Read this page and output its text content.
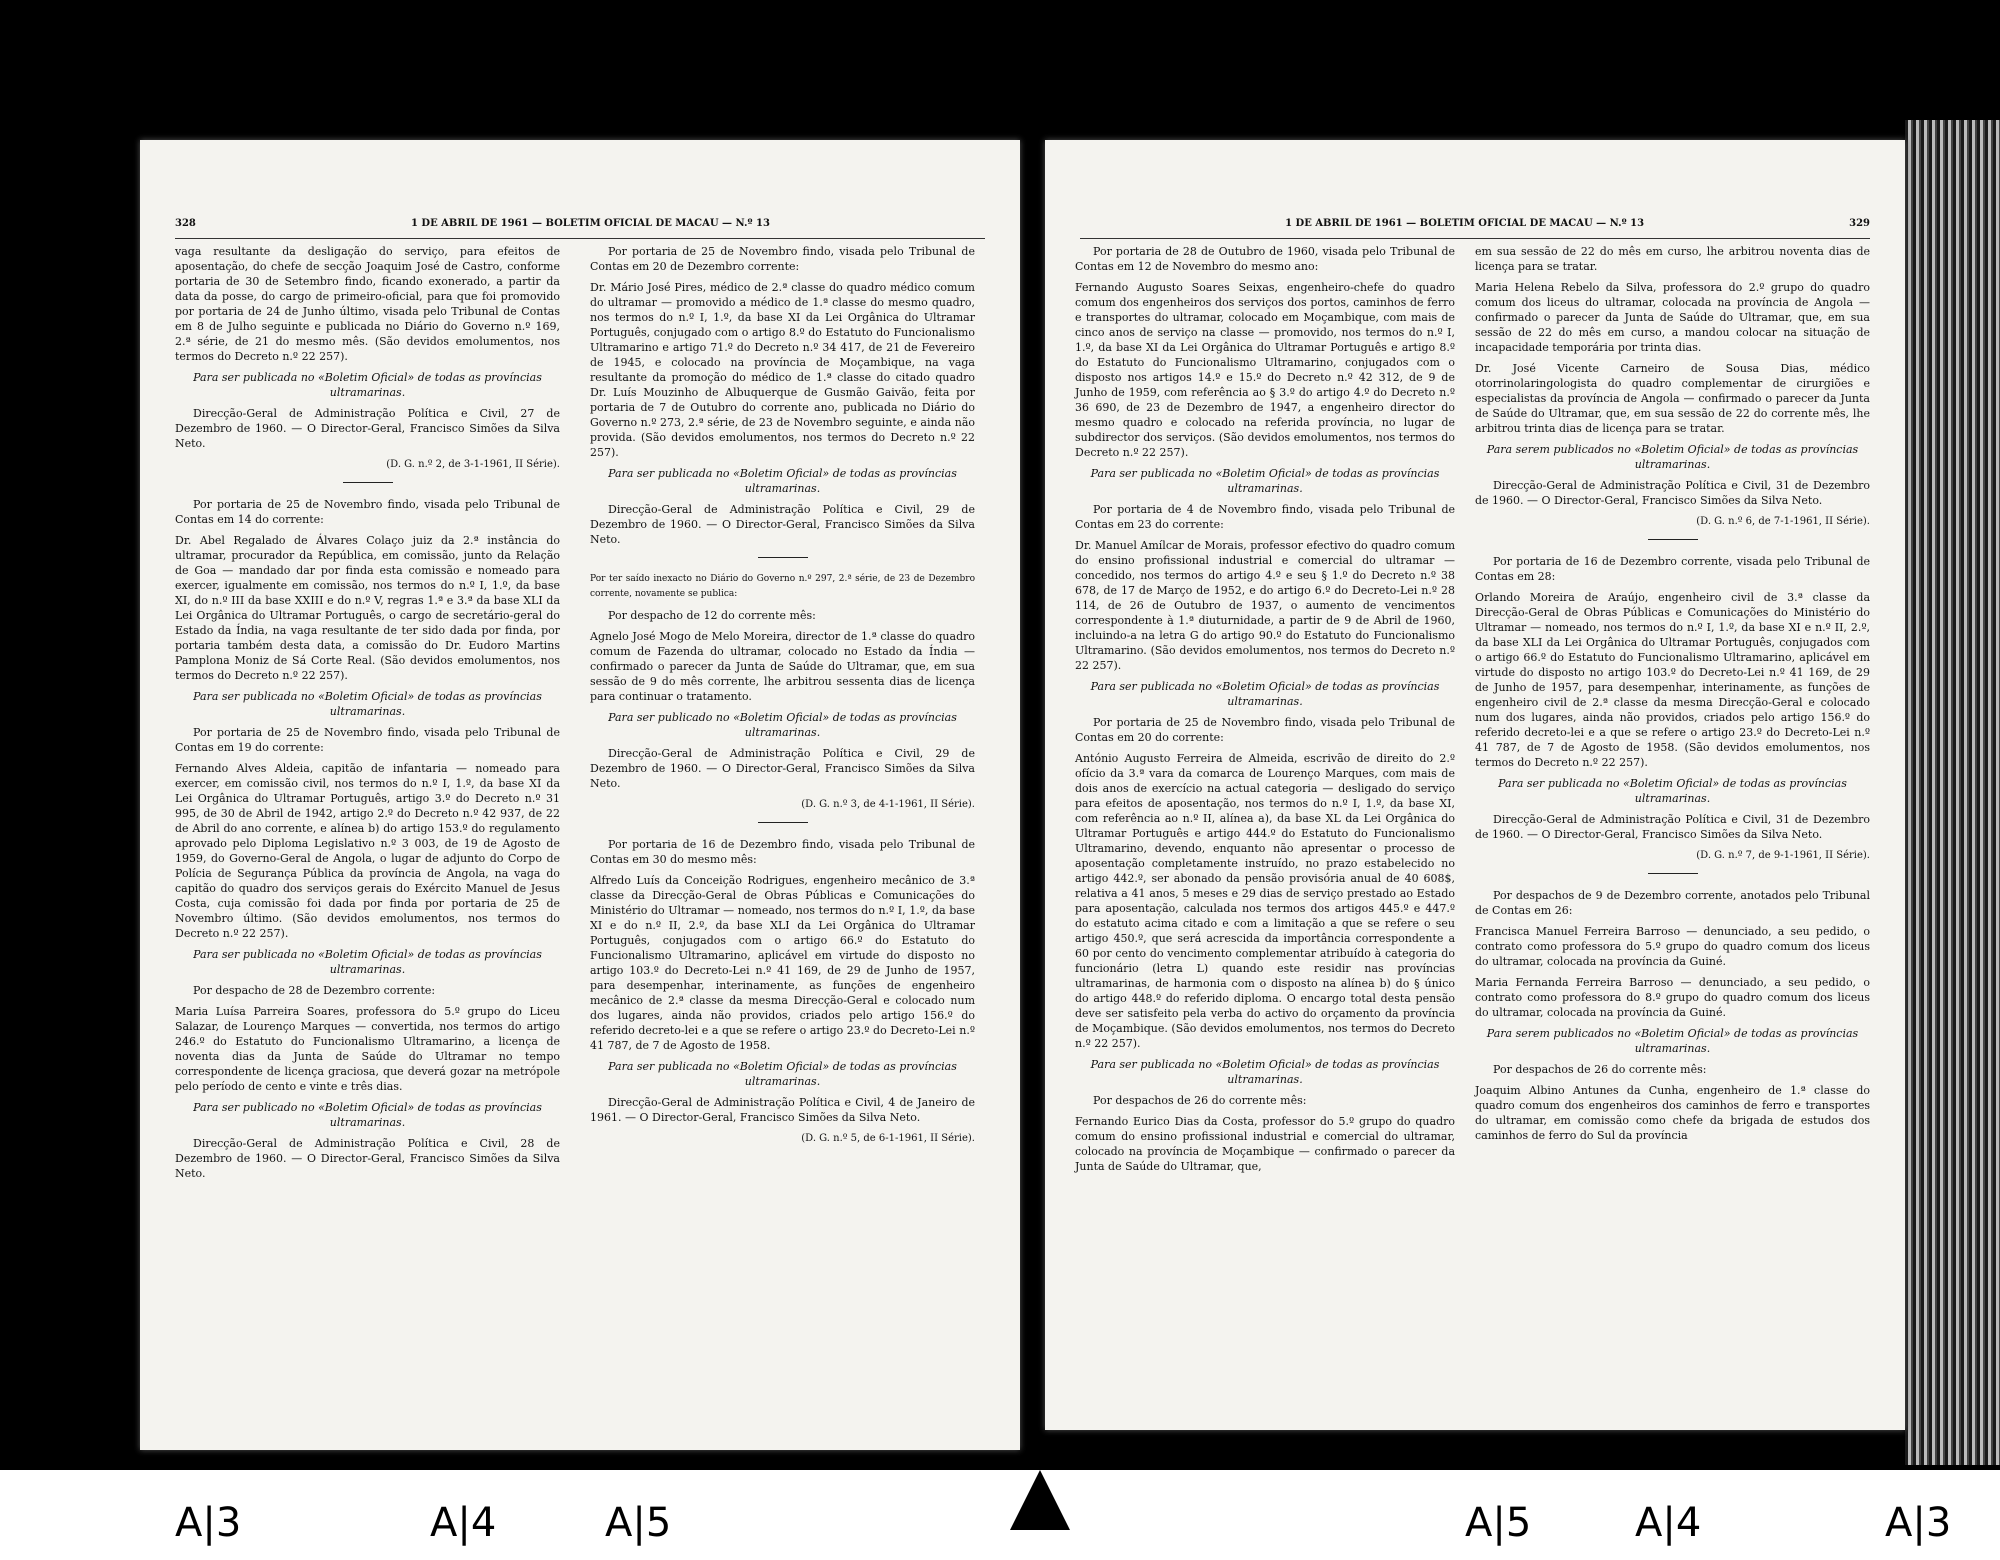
328	1 DE ABRIL DE 1961 — BOLETIM OFICIAL DE MACAU — N.º 13

vaga resultante da desligação do serviço, para efeitos de aposentação, do chefe de secção Joaquim José de Castro, conforme portaria de 30 de Setembro findo, ficando exonerado, a partir da data da posse, do cargo de primeiro-oficial, para que foi promovido por portaria de 24 de Junho último, visada pelo Tribunal de Contas em 8 de Julho seguinte e publicada no Diário do Governo n.º 169, 2.ª série, de 21 do mesmo mês. (São devidos emolumentos, nos termos do Decreto n.º 22 257).

Para ser publicada no «Boletim Oficial» de todas as províncias ultramarinas.

Direcção-Geral de Administração Política e Civil, 27 de Dezembro de 1960. — O Director-Geral, Francisco Simões da Silva Neto.

(D. G. n.º 2, de 3-1-1961, II Série).

Por portaria de 25 de Novembro findo, visada pelo Tribunal de Contas em 14 do corrente:

Dr. Abel Regalado de Álvares Colaço juiz da 2.ª instância do ultramar, procurador da República, em comissão, junto da Relação de Goa — mandado dar por finda esta comissão e nomeado para exercer, igualmente em comissão, nos termos do n.º I, 1.º, da base XI, do n.º III da base XXIII e do n.º V, regras 1.ª e 3.ª da base XLI da Lei Orgânica do Ultramar Português, o cargo de secretário-geral do Estado da Índia, na vaga resultante de ter sido dada por finda, por portaria também desta data, a comissão do Dr. Eudoro Martins Pamplona Moniz de Sá Corte Real. (São devidos emolumentos, nos termos do Decreto n.º 22 257).

Para ser publicada no «Boletim Oficial» de todas as províncias ultramarinas.

Por portaria de 25 de Novembro findo, visada pelo Tribunal de Contas em 19 do corrente:

Fernando Alves Aldeia, capitão de infantaria — nomeado para exercer, em comissão civil, nos termos do n.º I, 1.º, da base XI da Lei Orgânica do Ultramar Português, artigo 3.º do Decreto n.º 31 995, de 30 de Abril de 1942, artigo 2.º do Decreto n.º 42 937, de 22 de Abril do ano corrente, e alínea b) do artigo 153.º do regulamento aprovado pelo Diploma Legislativo n.º 3 003, de 19 de Agosto de 1959, do Governo-Geral de Angola, o lugar de adjunto do Corpo de Polícia de Segurança Pública da província de Angola, na vaga do capitão do quadro dos serviços gerais do Exército Manuel de Jesus Costa, cuja comissão foi dada por finda por portaria de 25 de Novembro último. (São devidos emolumentos, nos termos do Decreto n.º 22 257).

Para ser publicada no «Boletim Oficial» de todas as províncias ultramarinas.

Por despacho de 28 de Dezembro corrente:

Maria Luísa Parreira Soares, professora do 5.º grupo do Liceu Salazar, de Lourenço Marques — convertida, nos termos do artigo 246.º do Estatuto do Funcionalismo Ultramarino, a licença de noventa dias da Junta de Saúde do Ultramar no tempo correspondente de licença graciosa, que deverá gozar na metrópole pelo período de cento e vinte e três dias.

Para ser publicado no «Boletim Oficial» de todas as províncias ultramarinas.

Direcção-Geral de Administração Política e Civil, 28 de Dezembro de 1960. — O Director-Geral, Francisco Simões da Silva Neto.

Por portaria de 25 de Novembro findo, visada pelo Tribunal de Contas em 20 de Dezembro corrente:

Dr. Mário José Pires, médico de 2.ª classe do quadro médico comum do ultramar — promovido a médico de 1.ª classe do mesmo quadro, nos termos do n.º I, 1.º, da base XI da Lei Orgânica do Ultramar Português, conjugado com o artigo 8.º do Estatuto do Funcionalismo Ultramarino e artigo 71.º do Decreto n.º 34 417, de 21 de Fevereiro de 1945, e colocado na província de Moçambique, na vaga resultante da promoção do médico de 1.ª classe do citado quadro Dr. Luís Mouzinho de Albuquerque de Gusmão Gaivão, feita por portaria de 7 de Outubro do corrente ano, publicada no Diário do Governo n.º 273, 2.ª série, de 23 de Novembro seguinte, e ainda não provida. (São devidos emolumentos, nos termos do Decreto n.º 22 257).

Para ser publicada no «Boletim Oficial» de todas as províncias ultramarinas.

Direcção-Geral de Administração Política e Civil, 29 de Dezembro de 1960. — O Director-Geral, Francisco Simões da Silva Neto.

Por ter saído inexacto no Diário do Governo n.º 297, 2.ª série, de 23 de Dezembro corrente, novamente se publica:

Por despacho de 12 do corrente mês:

Agnelo José Mogo de Melo Moreira, director de 1.ª classe do quadro comum de Fazenda do ultramar, colocado no Estado da Índia — confirmado o parecer da Junta de Saúde do Ultramar, que, em sua sessão de 9 do mês corrente, lhe arbitrou sessenta dias de licença para continuar o tratamento.

Para ser publicado no «Boletim Oficial» de todas as províncias ultramarinas.

Direcção-Geral de Administração Política e Civil, 29 de Dezembro de 1960. — O Director-Geral, Francisco Simões da Silva Neto.

(D. G. n.º 3, de 4-1-1961, II Série).

Por portaria de 16 de Dezembro findo, visada pelo Tribunal de Contas em 30 do mesmo mês:

Alfredo Luís da Conceição Rodrigues, engenheiro mecânico de 3.ª classe da Direcção-Geral de Obras Públicas e Comunicações do Ministério do Ultramar — nomeado, nos termos do n.º I, 1.º, da base XI e do n.º II, 2.º, da base XLI da Lei Orgânica do Ultramar Português, conjugados com o artigo 66.º do Estatuto do Funcionalismo Ultramarino, aplicável em virtude do disposto no artigo 103.º do Decreto-Lei n.º 41 169, de 29 de Junho de 1957, para desempenhar, interinamente, as funções de engenheiro mecânico de 2.ª classe da mesma Direcção-Geral e colocado num dos lugares, ainda não providos, criados pelo artigo 156.º do referido decreto-lei e a que se refere o artigo 23.º do Decreto-Lei n.º 41 787, de 7 de Agosto de 1958.

Para ser publicada no «Boletim Oficial» de todas as províncias ultramarinas.

Direcção-Geral de Administração Política e Civil, 4 de Janeiro de 1961. — O Director-Geral, Francisco Simões da Silva Neto.

(D. G. n.º 5, de 6-1-1961, II Série).

1 DE ABRIL DE 1961 — BOLETIM OFICIAL DE MACAU — N.º 13	329

Por portaria de 28 de Outubro de 1960, visada pelo Tribunal de Contas em 12 de Novembro do mesmo ano:

Fernando Augusto Soares Seixas, engenheiro-chefe do quadro comum dos engenheiros dos serviços dos portos, caminhos de ferro e transportes do ultramar, colocado em Moçambique, com mais de cinco anos de serviço na classe — promovido, nos termos do n.º I, 1.º, da base XI da Lei Orgânica do Ultramar Português e artigo 8.º do Estatuto do Funcionalismo Ultramarino, conjugados com o disposto nos artigos 14.º e 15.º do Decreto n.º 42 312, de 9 de Junho de 1959, com referência ao § 3.º do artigo 4.º do Decreto n.º 36 690, de 23 de Dezembro de 1947, a engenheiro director do mesmo quadro e colocado na referida província, no lugar de subdirector dos serviços. (São devidos emolumentos, nos termos do Decreto n.º 22 257).

Para ser publicada no «Boletim Oficial» de todas as províncias ultramarinas.

Por portaria de 4 de Novembro findo, visada pelo Tribunal de Contas em 23 do corrente:

Dr. Manuel Amílcar de Morais, professor efectivo do quadro comum do ensino profissional industrial e comercial do ultramar — concedido, nos termos do artigo 4.º e seu § 1.º do Decreto n.º 38 678, de 17 de Março de 1952, e do artigo 6.º do Decreto-Lei n.º 28 114, de 26 de Outubro de 1937, o aumento de vencimentos correspondente à 1.ª diuturnidade, a partir de 9 de Abril de 1960, incluindo-a na letra G do artigo 90.º do Estatuto do Funcionalismo Ultramarino. (São devidos emolumentos, nos termos do Decreto n.º 22 257).

Para ser publicada no «Boletim Oficial» de todas as províncias ultramarinas.

Por portaria de 25 de Novembro findo, visada pelo Tribunal de Contas em 20 do corrente:

António Augusto Ferreira de Almeida, escrivão de direito do 2.º ofício da 3.ª vara da comarca de Lourenço Marques, com mais de dois anos de exercício na actual categoria — desligado do serviço para efeitos de aposentação, nos termos do n.º I, 1.º, da base XI, com referência ao n.º II, alínea a), da base XL da Lei Orgânica do Ultramar Português e artigo 444.º do Estatuto do Funcionalismo Ultramarino, devendo, enquanto não apresentar o processo de aposentação completamente instruído, no prazo estabelecido no artigo 442.º, ser abonado da pensão provisória anual de 40 608$, relativa a 41 anos, 5 meses e 29 dias de serviço prestado ao Estado para aposentação, calculada nos termos dos artigos 445.º e 447.º do estatuto acima citado e com a limitação a que se refere o seu artigo 450.º, que será acrescida da importância correspondente a 60 por cento do vencimento complementar atribuído à categoria do funcionário (letra L) quando este residir nas províncias ultramarinas, de harmonia com o disposto na alínea b) do § único do artigo 448.º do referido diploma. O encargo total desta pensão deve ser satisfeito pela verba do activo do orçamento da província de Moçambique. (São devidos emolumentos, nos termos do Decreto n.º 22 257).

Para ser publicada no «Boletim Oficial» de todas as províncias ultramarinas.

Por despachos de 26 do corrente mês:

Fernando Eurico Dias da Costa, professor do 5.º grupo do quadro comum do ensino profissional industrial e comercial do ultramar, colocado na província de Moçambique — confirmado o parecer da Junta de Saúde do Ultramar, que,

em sua sessão de 22 do mês em curso, lhe arbitrou noventa dias de licença para se tratar.

Maria Helena Rebelo da Silva, professora do 2.º grupo do quadro comum dos liceus do ultramar, colocada na província de Angola — confirmado o parecer da Junta de Saúde do Ultramar, que, em sua sessão de 22 do mês em curso, a mandou colocar na situação de incapacidade temporária por trinta dias.

Dr. José Vicente Carneiro de Sousa Dias, médico otorrinolaringologista do quadro complementar de cirurgiões e especialistas da província de Angola — confirmado o parecer da Junta de Saúde do Ultramar, que, em sua sessão de 22 do corrente mês, lhe arbitrou trinta dias de licença para se tratar.

Para serem publicados no «Boletim Oficial» de todas as províncias ultramarinas.

Direcção-Geral de Administração Política e Civil, 31 de Dezembro de 1960. — O Director-Geral, Francisco Simões da Silva Neto.

(D. G. n.º 6, de 7-1-1961, II Série).

Por portaria de 16 de Dezembro corrente, visada pelo Tribunal de Contas em 28:

Orlando Moreira de Araújo, engenheiro civil de 3.ª classe da Direcção-Geral de Obras Públicas e Comunicações do Ministério do Ultramar — nomeado, nos termos do n.º I, 1.º, da base XI e n.º II, 2.º, da base XLI da Lei Orgânica do Ultramar Português, conjugados com o artigo 66.º do Estatuto do Funcionalismo Ultramarino, aplicável em virtude do disposto no artigo 103.º do Decreto-Lei n.º 41 169, de 29 de Junho de 1957, para desempenhar, interinamente, as funções de engenheiro civil de 2.ª classe da mesma Direcção-Geral e colocado num dos lugares, ainda não providos, criados pelo artigo 156.º do referido decreto-lei e a que se refere o artigo 23.º do Decreto-Lei n.º 41 787, de 7 de Agosto de 1958. (São devidos emolumentos, nos termos do Decreto n.º 22 257).

Para ser publicada no «Boletim Oficial» de todas as províncias ultramarinas.

Direcção-Geral de Administração Política e Civil, 31 de Dezembro de 1960. — O Director-Geral, Francisco Simões da Silva Neto.

(D. G. n.º 7, de 9-1-1961, II Série).

Por despachos de 9 de Dezembro corrente, anotados pelo Tribunal de Contas em 26:

Francisca Manuel Ferreira Barroso — denunciado, a seu pedido, o contrato como professora do 5.º grupo do quadro comum dos liceus do ultramar, colocada na província da Guiné.

Maria Fernanda Ferreira Barroso — denunciado, a seu pedido, o contrato como professora do 8.º grupo do quadro comum dos liceus do ultramar, colocada na província da Guiné.

Para serem publicados no «Boletim Oficial» de todas as províncias ultramarinas.

Por despachos de 26 do corrente mês:

Joaquim Albino Antunes da Cunha, engenheiro de 1.ª classe do quadro comum dos engenheiros dos caminhos de ferro e transportes do ultramar, em comissão como chefe da brigada de estudos dos caminhos de ferro do Sul da província

A|3	A|4	A|5	A|5	A|4	A|3
